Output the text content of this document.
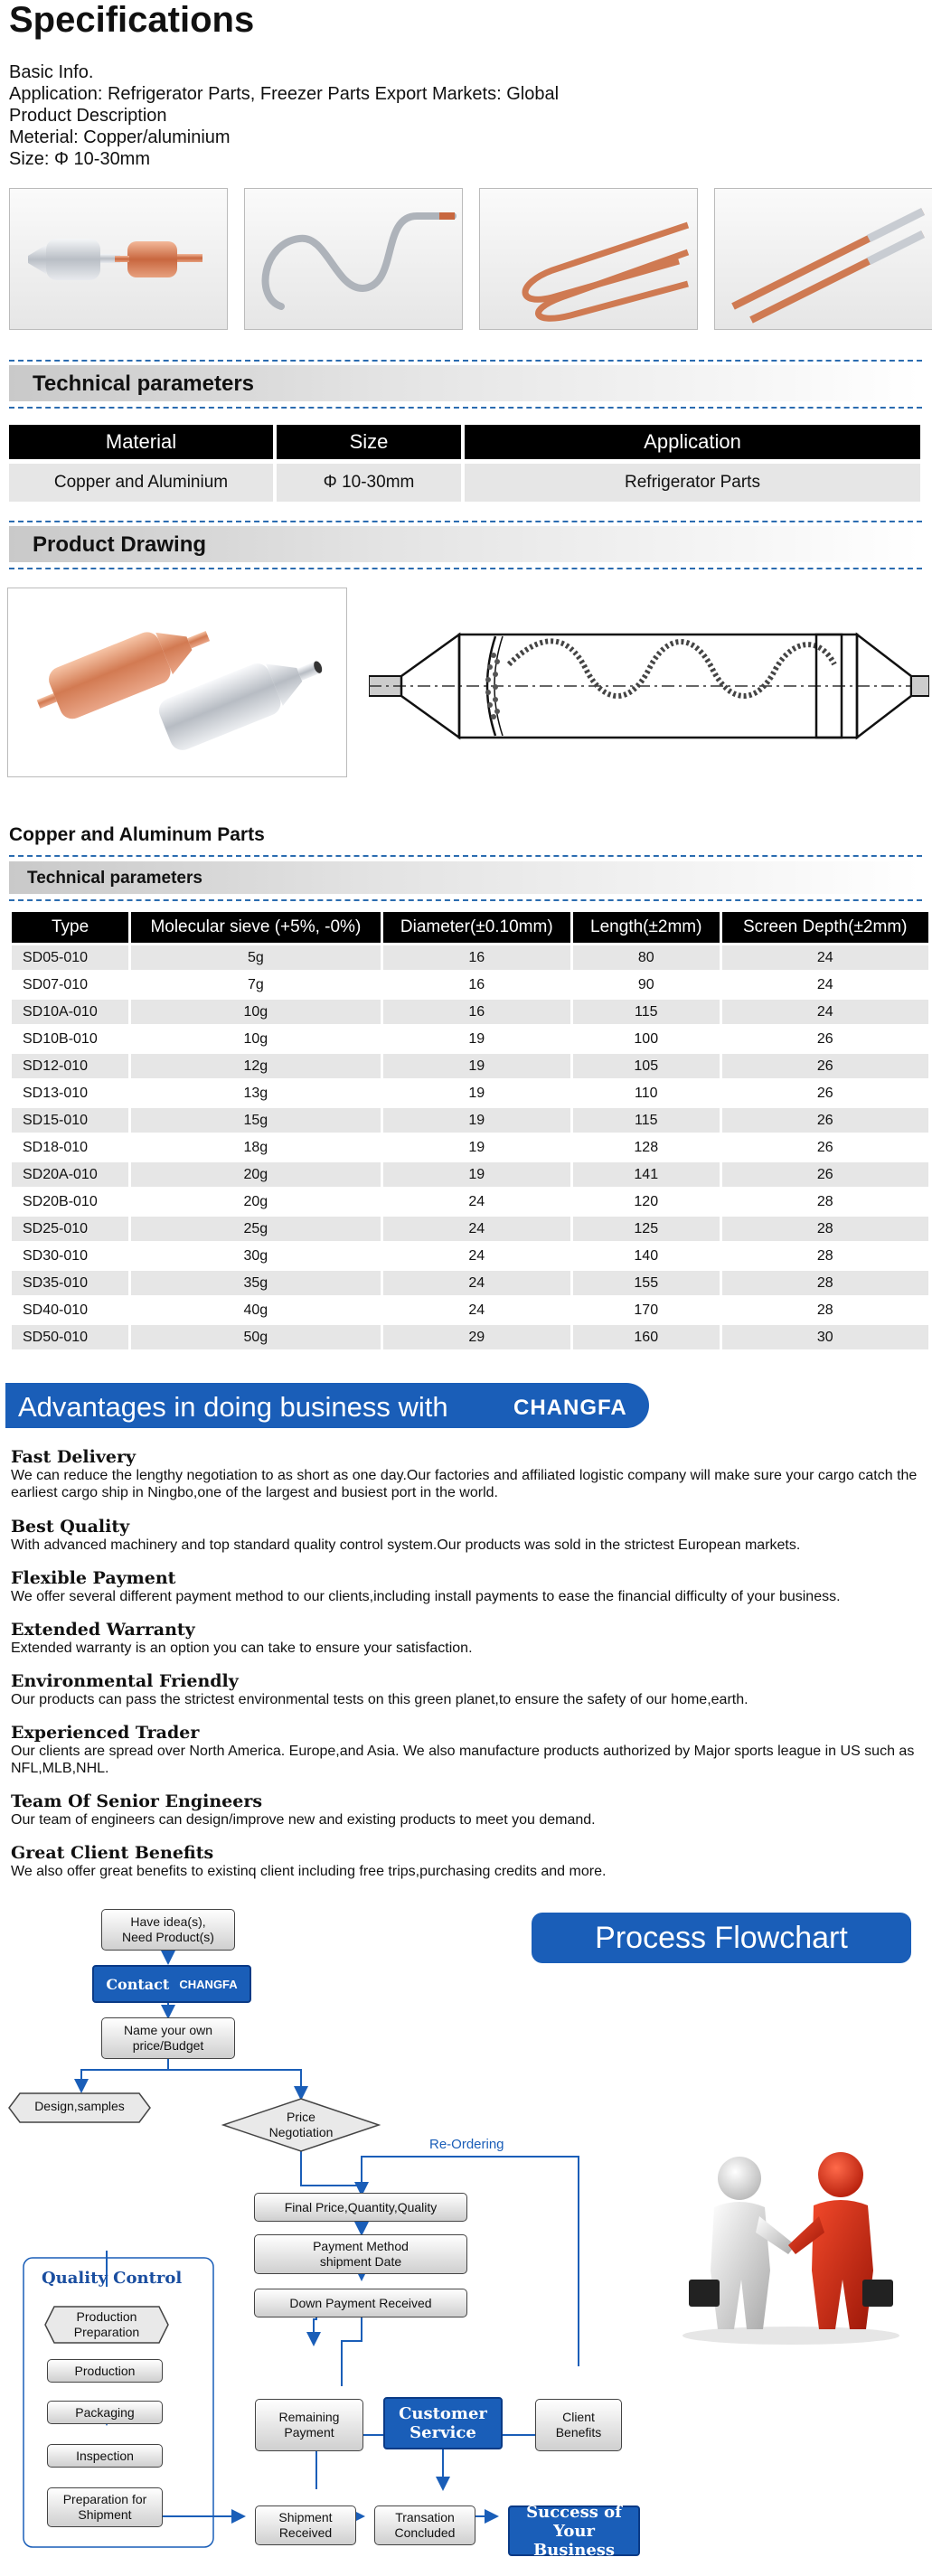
Specifications
Basic Info.
Application: Refrigerator Parts, Freezer Parts Export Markets: Global
Product Description
Meterial: Copper/aluminium
Size: Φ 10-30mm
Technical parameters
Material	Size	Application
Copper and Aluminium	Φ 10-30mm	Refrigerator Parts
Product Drawing
Copper and Aluminum Parts
Technical parameters
Type	Molecular sieve (+5%, -0%)	Diameter(±0.10mm)	Length(±2mm)	Screen Depth(±2mm)
SD05-010	5g	16	80	24
SD07-010	7g	16	90	24
SD10A-010	10g	16	115	24
SD10B-010	10g	19	100	26
SD12-010	12g	19	105	26
SD13-010	13g	19	110	26
SD15-010	15g	19	115	26
SD18-010	18g	19	128	26
SD20A-010	20g	19	141	26
SD20B-010	20g	24	120	28
SD25-010	25g	24	125	28
SD30-010	30g	24	140	28
SD35-010	35g	24	155	28
SD40-010	40g	24	170	28
SD50-010	50g	29	160	30
Advantages in doing business with	CHANGFA
Fast Delivery
We can reduce the lengthy negotiation to as short as one day.Our factories and affiliated logistic company will make sure your cargo catch the earliest cargo ship in Ningbo,one of the largest and busiest port in the world.
Best Quality
With advanced machinery and top standard quality control system.Our products was sold in the strictest European markets.
Flexible Payment
We offer several different payment method to our clients,including install payments to ease the financial difficulty of your business.
Extended Warranty
Extended warranty is an option you can take to ensure your satisfaction.
Environmental Friendly
Our products can pass the strictest environmental tests on this green planet,to ensure the safety of our home,earth.
Experienced Trader
Our clients are spread over North America. Europe,and Asia. We also manufacture products authorized by Major sports league in US such as NFL,MLB,NHL.
Team Of Senior Engineers
Our team of engineers can design/improve new and existing products to meet you demand.
Great Client Benefits
We also offer great benefits to existinq client including free trips,purchasing credits and more.
Process Flowchart
Have idea(s),
Need Product(s)
Contact
CHANGFA
Name your own
price/Budget
Design,samples
Price
Negotiation
Re-Ordering
Final Price,Quantity,Quality
Payment Method
shipment Date
Down Payment Received
Quality Control
Production
Preparation
Production
Packaging
Inspection
Preparation for
Shipment
Remaining
Payment
Customer
Service
Client
Benefits
Shipment
Received
Transation
Concluded
Success of
Your Business
